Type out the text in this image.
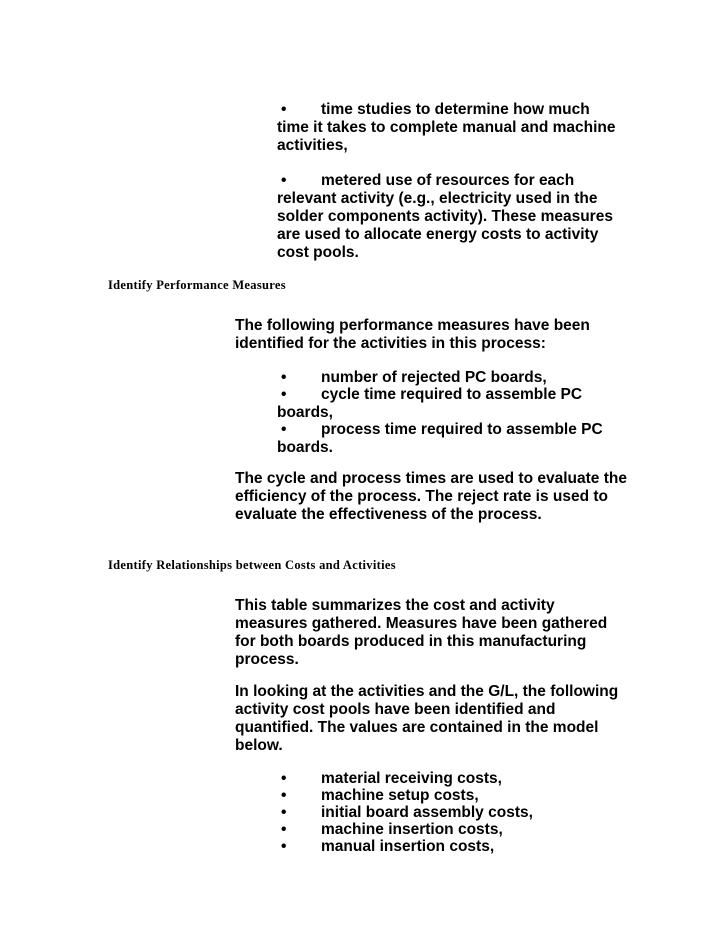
•	time studies to determine how much time it takes to complete manual and machine activities,
•	metered use of resources for each relevant activity (e.g., electricity used in the solder components activity). These measures are used to allocate energy costs to activity cost pools.
Identify Performance Measures

The following performance measures have been identified for the activities in this process:

•	number of rejected PC boards,
•	cycle time required to assemble PC boards,
•	process time required to assemble PC boards.

The cycle and process times are used to evaluate the efficiency of the process. The reject rate is used to evaluate the effectiveness of the process.

Identify Relationships between Costs and Activities

This table summarizes the cost and activity measures gathered. Measures have been gathered for both boards produced in this manufacturing process.

In looking at the activities and the G/L, the following activity cost pools have been identified and quantified. The values are contained in the model below.

• material receiving costs,
• machine setup costs,
• initial board assembly costs,
• machine insertion costs,
• manual insertion costs,
